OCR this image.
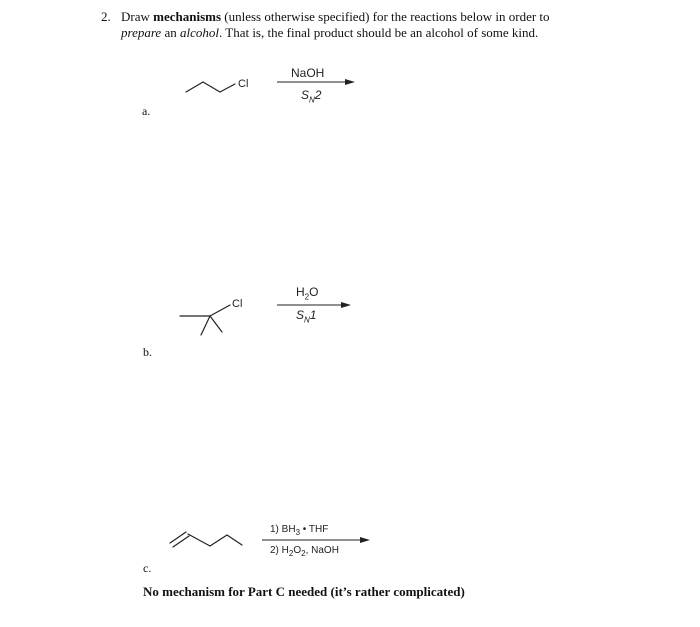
2. Draw mechanisms (unless otherwise specified) for the reactions below in order to
prepare an alcohol. That is, the final product should be an alcohol of some kind.
Cl
Cl
NaOH
$S_N2$
a.
$H_2O$
$S_N1$
b.
1) $BH_3$ • THF
2) $H_2O_2$, NaOH
c.
No mechanism for Part C needed (it’s rather complicated)
